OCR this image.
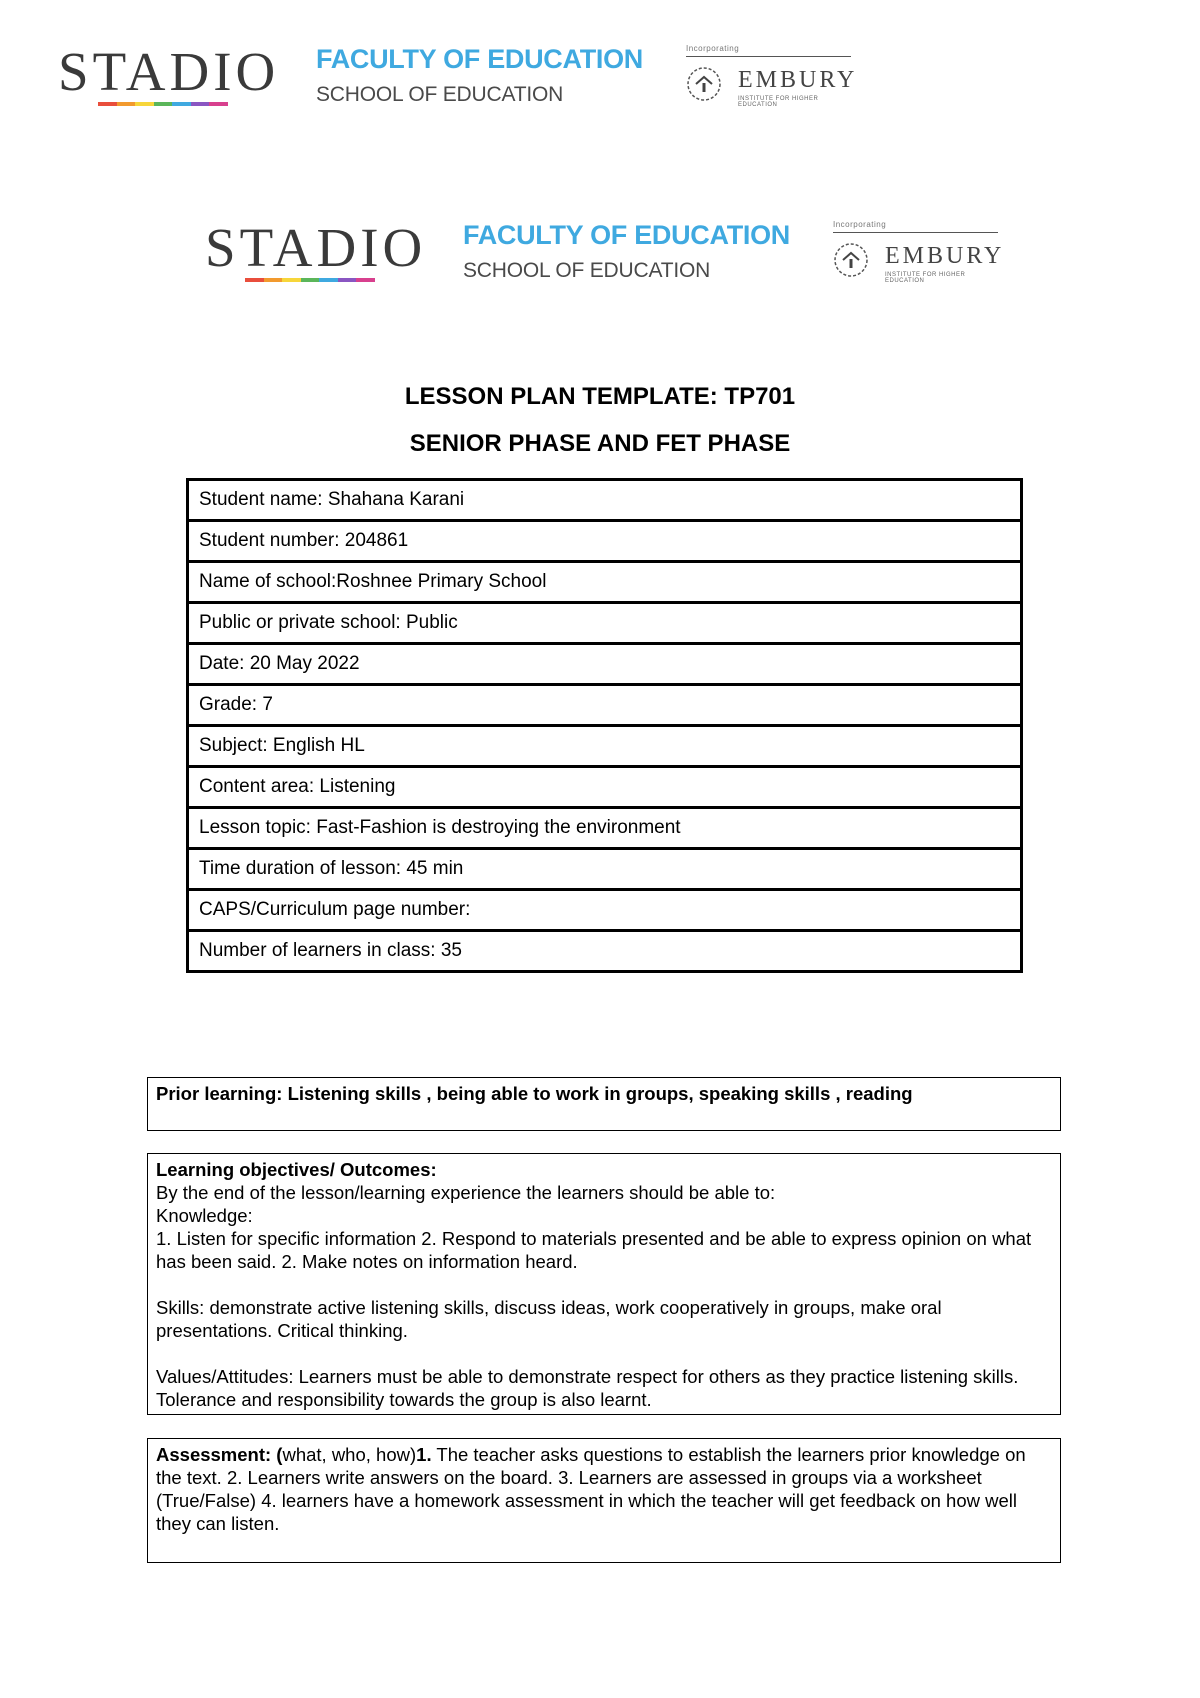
STADIO FACULTY OF EDUCATION
SCHOOL OF EDUCATION
Incorporating
EMBURY
INSTITUTE FOR HIGHER EDUCATION
STADIO FACULTY OF EDUCATION
SCHOOL OF EDUCATION
Incorporating
EMBURY
INSTITUTE FOR HIGHER EDUCATION
LESSON PLAN TEMPLATE: TP701
SENIOR PHASE AND FET PHASE
Student name: Shahana Karani
Student number: 204861
Name of school:Roshnee Primary School
Public or private school: Public
Date: 20 May 2022
Grade: 7
Subject: English HL
Content area: Listening
Lesson topic: Fast-Fashion is destroying the environment
Time duration of lesson: 45 min
CAPS/Curriculum page number:
Number of learners in class: 35

Prior learning: Listening skills , being able to work in groups, speaking skills , reading

Learning objectives/ Outcomes:

By the end of the lesson/learning experience the learners should be able to:

Knowledge:

1. Listen for specific information 2. Respond to materials presented and be able to express opinion on what has been said. 2. Make notes on information heard.

Skills: demonstrate active listening skills, discuss ideas, work cooperatively in groups, make oral presentations. Critical thinking.

Values/Attitudes: Learners must be able to demonstrate respect for others as they practice listening skills. Tolerance and responsibility towards the group is also learnt.

Assessment: (what, who, how)1. The teacher asks questions to establish the learners prior knowledge on the text. 2. Learners write answers on the board. 3. Learners are assessed in groups via a worksheet (True/False) 4. learners have a homework assessment in which the teacher will get feedback on how well they can listen.
